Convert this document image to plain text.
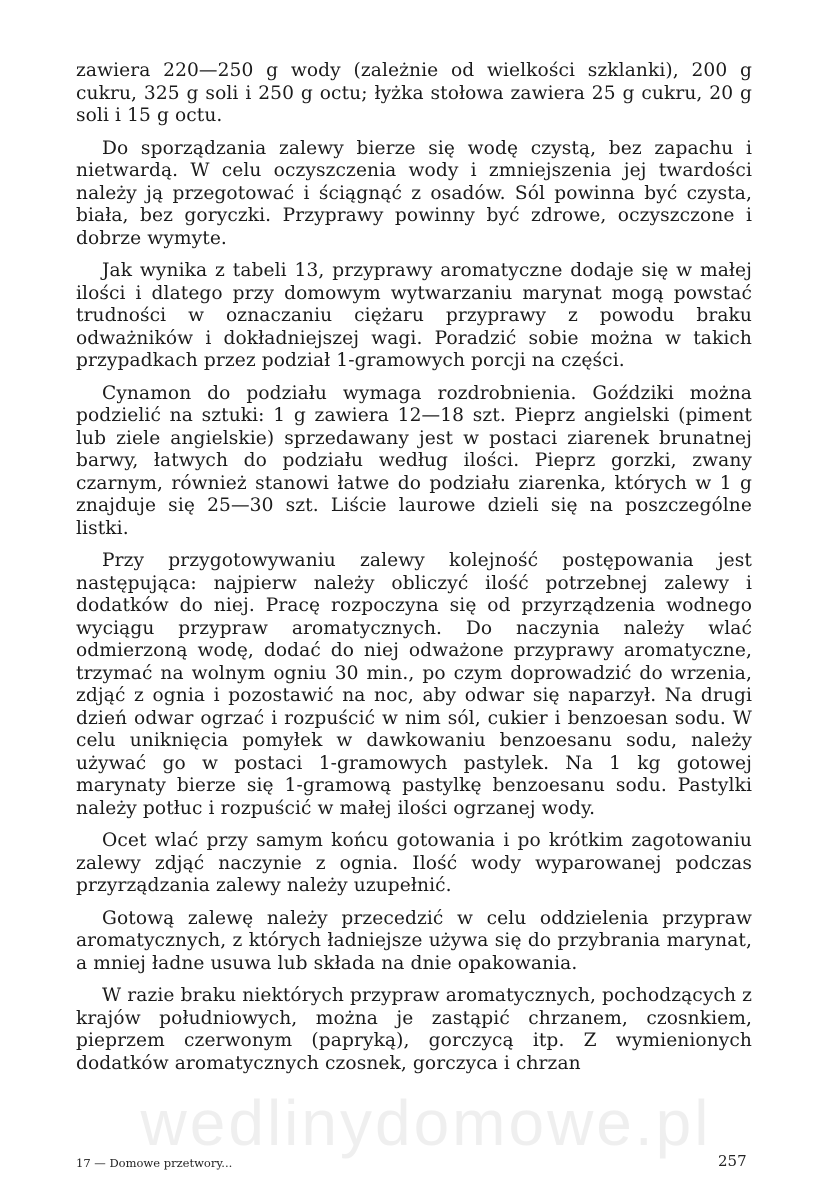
zawiera 220—250 g wody (zależnie od wielkości szklanki), 200 g cukru, 325 g soli i 250 g octu; łyżka stołowa zawiera 25 g cukru, 20 g soli i 15 g octu.

Do sporządzania zalewy bierze się wodę czystą, bez zapachu i nietwardą. W celu oczyszczenia wody i zmniejszenia jej twardości należy ją przegotować i ściągnąć z osadów. Sól powinna być czysta, biała, bez goryczki. Przyprawy powinny być zdrowe, oczyszczone i dobrze wymyte.

Jak wynika z tabeli 13, przyprawy aromatyczne dodaje się w małej ilości i dlatego przy domowym wytwarzaniu marynat mogą powstać trudności w oznaczaniu ciężaru przyprawy z powodu braku odważników i dokładniejszej wagi. Poradzić sobie można w takich przypadkach przez podział 1-gramowych porcji na części.

Cynamon do podziału wymaga rozdrobnienia. Goździki można podzielić na sztuki: 1 g zawiera 12—18 szt. Pieprz angielski (piment lub ziele angielskie) sprzedawany jest w postaci ziarenek brunatnej barwy, łatwych do podziału według ilości. Pieprz gorzki, zwany czarnym, również stanowi łatwe do podziału ziarenka, których w 1 g znajduje się 25—30 szt. Liście laurowe dzieli się na poszczególne listki.

Przy przygotowywaniu zalewy kolejność postępowania jest następująca: najpierw należy obliczyć ilość potrzebnej zalewy i dodatków do niej. Pracę rozpoczyna się od przyrządzenia wodnego wyciągu przypraw aromatycznych. Do naczynia należy wlać odmierzoną wodę, dodać do niej odważone przyprawy aromatyczne, trzymać na wolnym ogniu 30 min., po czym doprowadzić do wrzenia, zdjąć z ognia i pozostawić na noc, aby odwar się naparzył. Na drugi dzień odwar ogrzać i rozpuścić w nim sól, cukier i benzoesan sodu. W celu uniknięcia pomyłek w dawkowaniu benzoesanu sodu, należy używać go w postaci 1-gramowych pastylek. Na 1 kg gotowej marynaty bierze się 1-gramową pastylkę benzoesanu sodu. Pastylki należy potłuc i rozpuścić w małej ilości ogrzanej wody.

Ocet wlać przy samym końcu gotowania i po krótkim zagotowaniu zalewy zdjąć naczynie z ognia. Ilość wody wyparowanej podczas przyrządzania zalewy należy uzupełnić.

Gotową zalewę należy przecedzić w celu oddzielenia przypraw aromatycznych, z których ładniejsze używa się do przybrania marynat, a mniej ładne usuwa lub składa na dnie opakowania.

W razie braku niektórych przypraw aromatycznych, pochodzących z krajów południowych, można je zastąpić chrzanem, czosnkiem, pieprzem czerwonym (papryką), gorczycą itp. Z wymienionych dodatków aromatycznych czosnek, gorczyca i chrzan

wedlinydomowe.pl
17 — Domowe przetwory...	257
